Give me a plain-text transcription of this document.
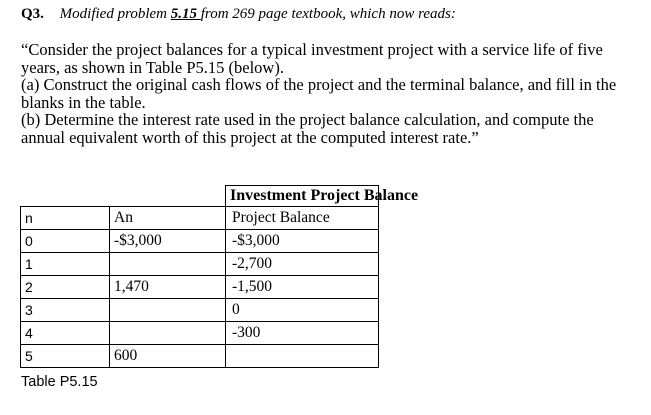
Q3. Modified problem 5.15 from 269 page textbook, which now reads:

“Consider the project balances for a typical investment project with a service life of five years, as shown in Table P5.15 (below).

(a) Construct the original cash flows of the project and the terminal balance, and fill in the blanks in the table.

(b) Determine the interest rate used in the project balance calculation, and compute the annual equivalent worth of this project at the computed interest rate.”

		Investment Project Balance
n	An	Project Balance
0	-$3,000	-$3,000
1		-2,700
2	1,470	-1,500
3		0
4		-300
5	600	
Table P5.15
